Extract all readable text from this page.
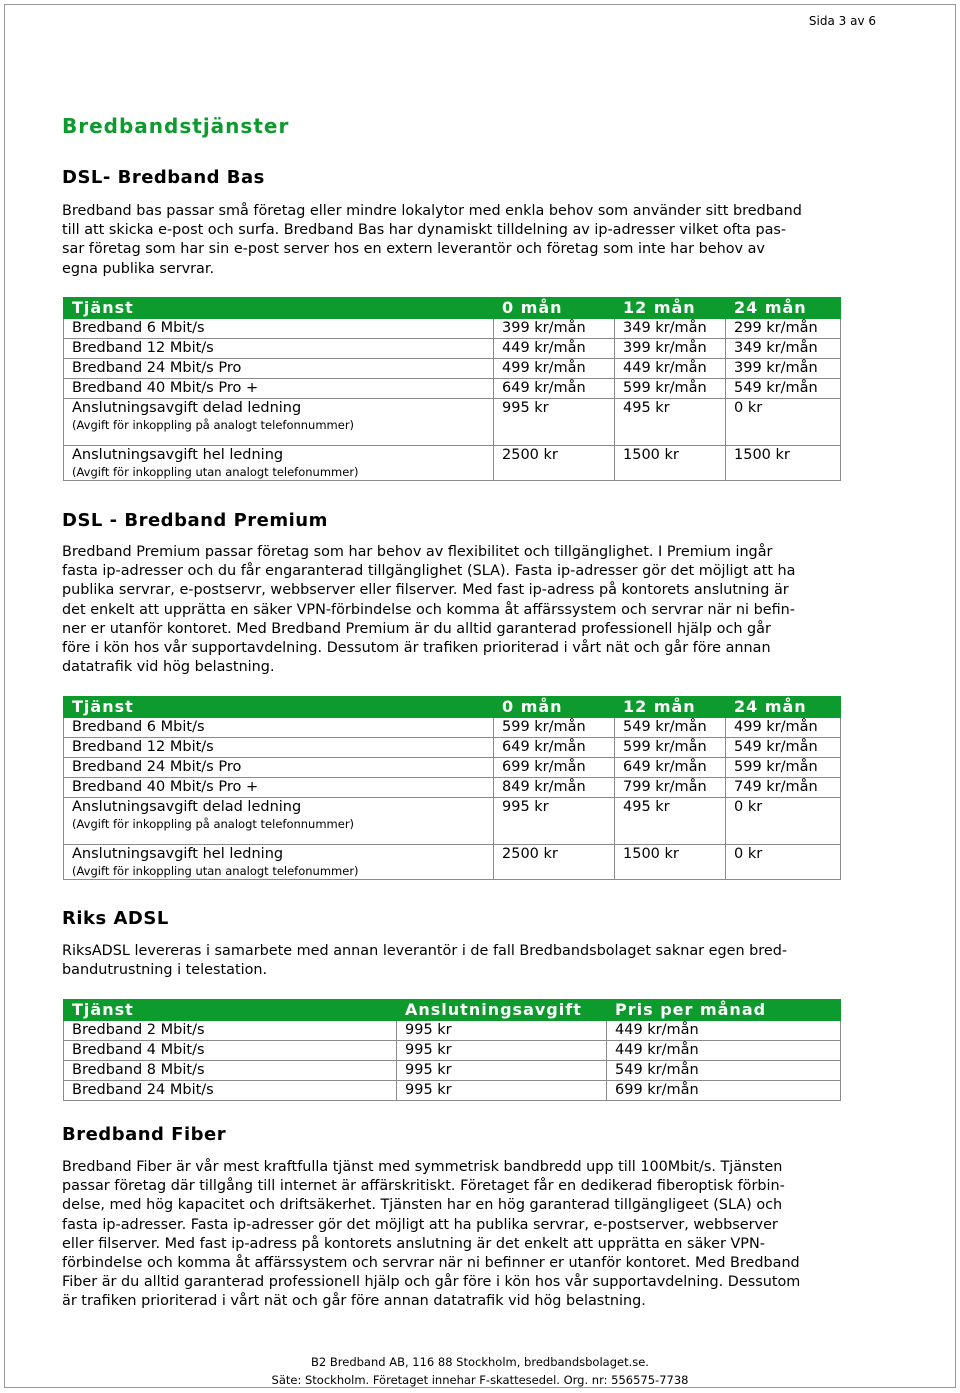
Sida 3 av 6
Bredbandstjänster
DSL- Bredband Bas
Bredband bas passar små företag eller mindre lokalytor med enkla behov som använder sitt bredband
till att skicka e-post och surfa. Bredband Bas har dynamiskt tilldelning av ip-adresser vilket ofta pas-
sar företag som har sin e-post server hos en extern leverantör och företag som inte har behov av
egna publika servrar.
Tjänst	0 mån	12 mån	24 mån
Bredband 6 Mbit/s	399 kr/mån	349 kr/mån	299 kr/mån
Bredband 12 Mbit/s	449 kr/mån	399 kr/mån	349 kr/mån
Bredband 24 Mbit/s Pro	499 kr/mån	449 kr/mån	399 kr/mån
Bredband 40 Mbit/s Pro +	649 kr/mån	599 kr/mån	549 kr/mån
Anslutningsavgift delad ledning
(Avgift för inkoppling på analogt telefonnummer)	995 kr	495 kr	0 kr
Anslutningsavgift hel ledning
(Avgift för inkoppling utan analogt telefonummer)	2500 kr	1500 kr	1500 kr
DSL - Bredband Premium
Bredband Premium passar företag som har behov av flexibilitet och tillgänglighet. I Premium ingår
fasta ip-adresser och du får engaranterad tillgänglighet (SLA). Fasta ip-adresser gör det möjligt att ha
publika servrar, e-postservr, webbserver eller filserver. Med fast ip-adress på kontorets anslutning är
det enkelt att upprätta en säker VPN-förbindelse och komma åt affärssystem och servrar när ni befin-
ner er utanför kontoret. Med Bredband Premium är du alltid garanterad professionell hjälp och går
före i kön hos vår supportavdelning. Dessutom är trafiken prioriterad i vårt nät och går före annan
datatrafik vid hög belastning.
Tjänst	0 mån	12 mån	24 mån
Bredband 6 Mbit/s	599 kr/mån	549 kr/mån	499 kr/mån
Bredband 12 Mbit/s	649 kr/mån	599 kr/mån	549 kr/mån
Bredband 24 Mbit/s Pro	699 kr/mån	649 kr/mån	599 kr/mån
Bredband 40 Mbit/s Pro +	849 kr/mån	799 kr/mån	749 kr/mån
Anslutningsavgift delad ledning
(Avgift för inkoppling på analogt telefonnummer)	995 kr	495 kr	0 kr
Anslutningsavgift hel ledning
(Avgift för inkoppling utan analogt telefonummer)	2500 kr	1500 kr	0 kr
Riks ADSL
RiksADSL levereras i samarbete med annan leverantör i de fall Bredbandsbolaget saknar egen bred-
bandutrustning i telestation.
Tjänst	Anslutningsavgift	Pris per månad
Bredband 2 Mbit/s	995 kr	449 kr/mån
Bredband 4 Mbit/s	995 kr	449 kr/mån
Bredband 8 Mbit/s	995 kr	549 kr/mån
Bredband 24 Mbit/s	995 kr	699 kr/mån
Bredband Fiber
Bredband Fiber är vår mest kraftfulla tjänst med symmetrisk bandbredd upp till 100Mbit/s. Tjänsten
passar företag där tillgång till internet är affärskritiskt. Företaget får en dedikerad fiberoptisk förbin-
delse, med hög kapacitet och driftsäkerhet. Tjänsten har en hög garanterad tillgängligeet (SLA) och
fasta ip-adresser. Fasta ip-adresser gör det möjligt att ha publika servrar, e-postserver, webbserver
eller filserver. Med fast ip-adress på kontorets anslutning är det enkelt att upprätta en säker VPN-
förbindelse och komma åt affärssystem och servrar när ni befinner er utanför kontoret. Med Bredband
Fiber är du alltid garanterad professionell hjälp och går före i kön hos vår supportavdelning. Dessutom
är trafiken prioriterad i vårt nät och går före annan datatrafik vid hög belastning.
B2 Bredband AB, 116 88 Stockholm, bredbandsbolaget.se.
Säte: Stockholm. Företaget innehar F-skattesedel. Org. nr: 556575-7738
